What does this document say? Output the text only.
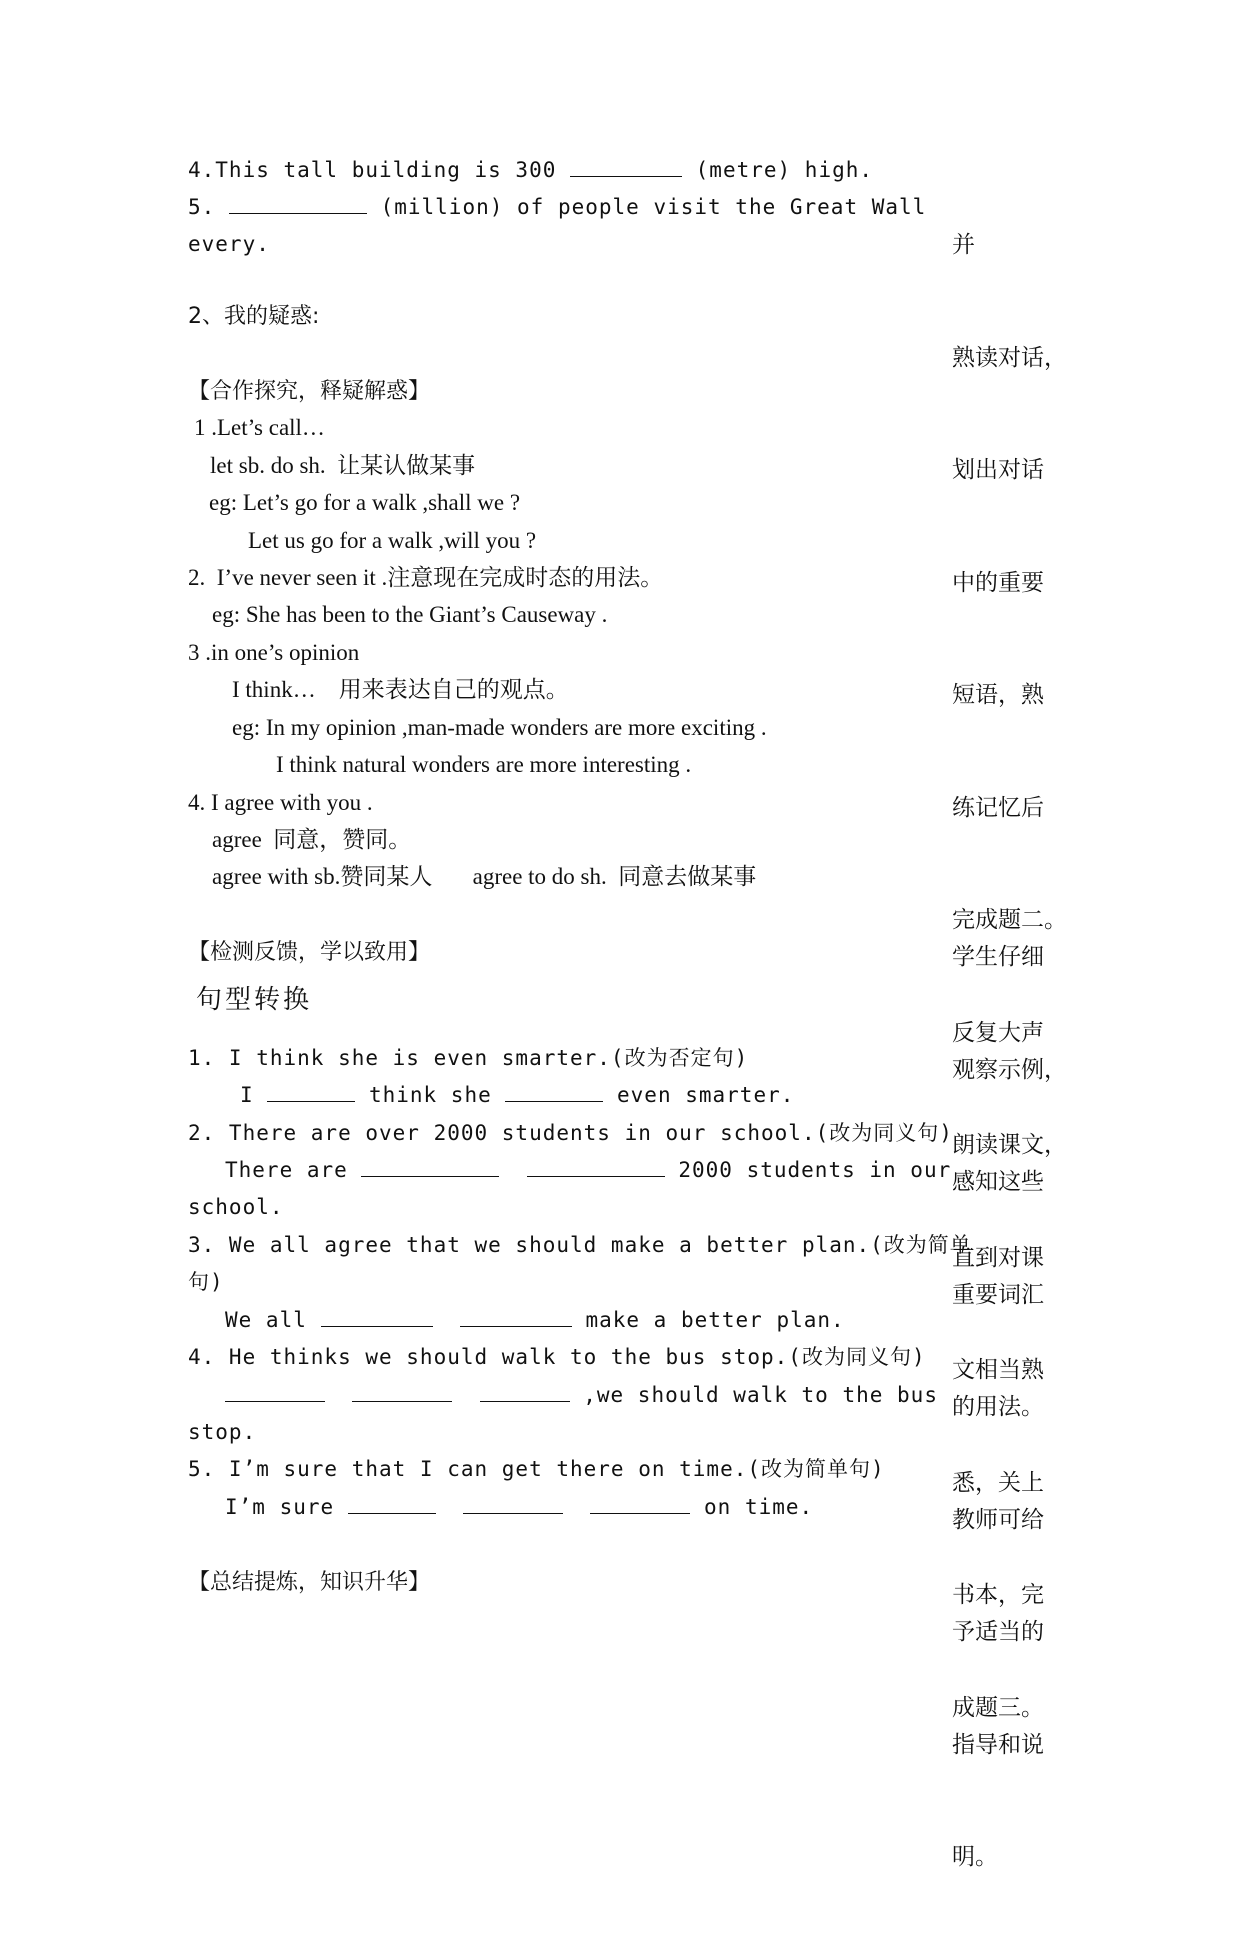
4.This tall building is 300	(metre) high.
5.	(million) of people visit the Great Wall
every.
2、我的疑惑:
【合作探究，释疑解惑】
1 .Let’s call…
let sb. do sh.  让某认做某事
eg: Let’s go for a walk ,shall we ?
Let us go for a walk ,will you ?
2.  I’ve never seen it .注意现在完成时态的用法。
eg: She has been to the Giant’s Causeway .
3 .in one’s opinion
I think…    用来表达自己的观点。
eg: In my opinion ,man-made wonders are more exciting .
I think natural wonders are more interesting .
4. I agree with you .
agree  同意，赞同。
agree with sb.赞同某人       agree to do sh.  同意去做某事
【检测反馈，学以致用】
句型转换
1. I think she is even smarter.(改为否定句)
I	think she	even smarter.
2. There are over 2000 students in our school.(改为同义句)
There are	2000 students in our
school.
3. We all agree that we should make a better plan.(改为简单
句)
We all	make a better plan.
4. He thinks we should walk to the bus stop.(改为同义句)
,we should walk to the bus
stop.
5. I’m sure that I can get there on time.(改为简单句)
I’m sure	on time.
【总结提炼，知识升华】

并

熟读对话，

划出对话

中的重要

短语，熟

练记忆后

完成题二。

反复大声

朗读课文，

直到对课

文相当熟

悉，关上

书本，完

成题三。

学生仔细

观察示例，

感知这些

重要词汇

的用法。

教师可给

予适当的

指导和说

明。
